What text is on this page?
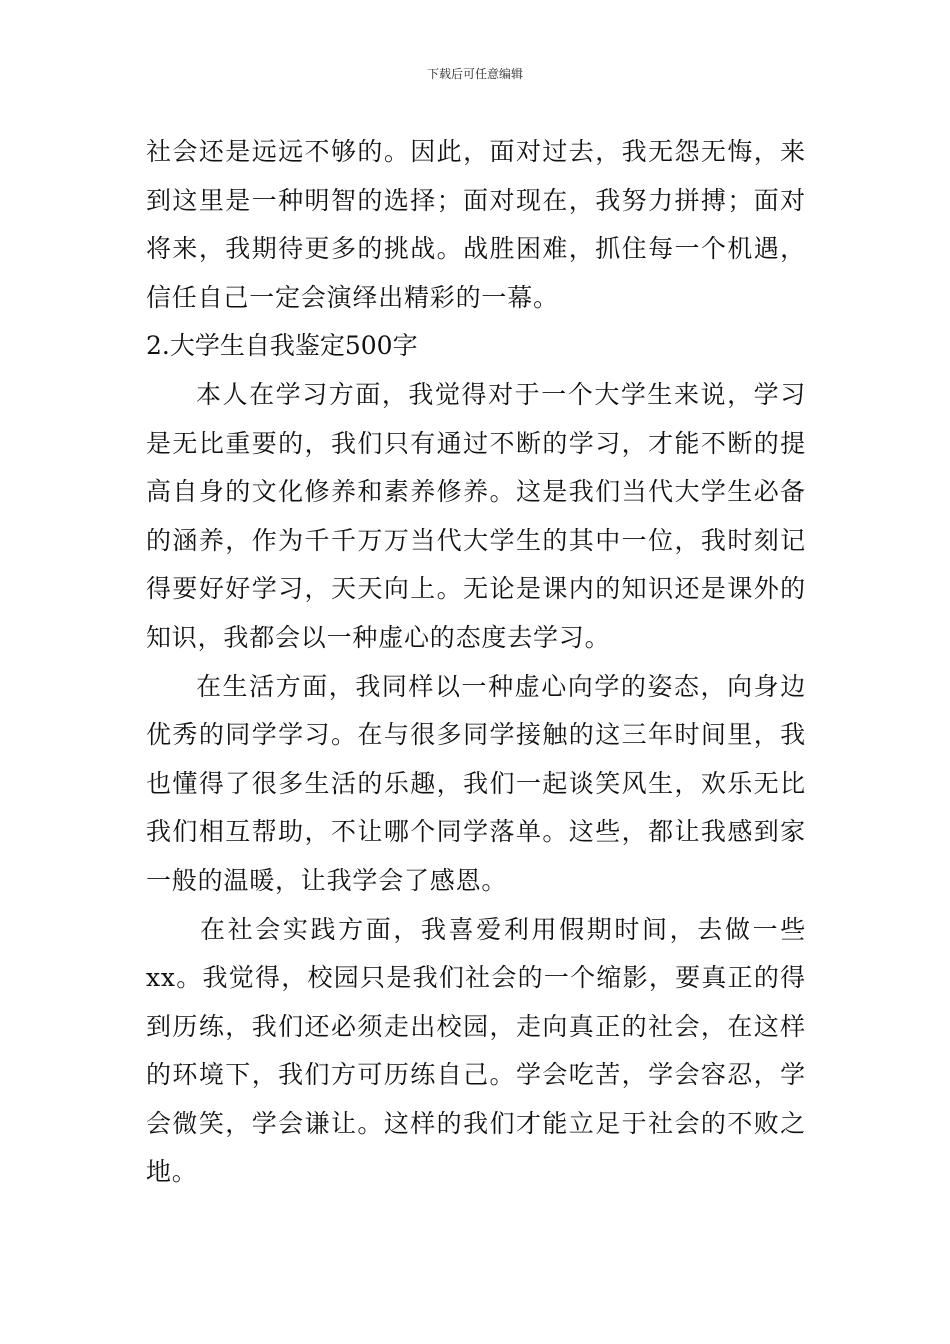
下载后可任意编辑
社会还是远远不够的。因此，面对过去，我无怨无悔，来
到这里是一种明智的选择；面对现在，我努力拼搏；面对
将来，我期待更多的挑战。战胜困难，抓住每一个机遇，
信任自己一定会演绎出精彩的一幕。
2.大学生自我鉴定500字
本人在学习方面，我觉得对于一个大学生来说，学习
是无比重要的，我们只有通过不断的学习，才能不断的提
高自身的文化修养和素养修养。这是我们当代大学生必备
的涵养，作为千千万万当代大学生的其中一位，我时刻记
得要好好学习，天天向上。无论是课内的知识还是课外的
知识，我都会以一种虚心的态度去学习。
在生活方面，我同样以一种虚心向学的姿态，向身边
优秀的同学学习。在与很多同学接触的这三年时间里，我
也懂得了很多生活的乐趣，我们一起谈笑风生，欢乐无比
我们相互帮助，不让哪个同学落单。这些，都让我感到家
一般的温暖，让我学会了感恩。
在社会实践方面，我喜爱利用假期时间，去做一些
xx。我觉得，校园只是我们社会的一个缩影，要真正的得
到历练，我们还必须走出校园，走向真正的社会，在这样
的环境下，我们方可历练自己。学会吃苦，学会容忍，学
会微笑，学会谦让。这样的我们才能立足于社会的不败之
地。
